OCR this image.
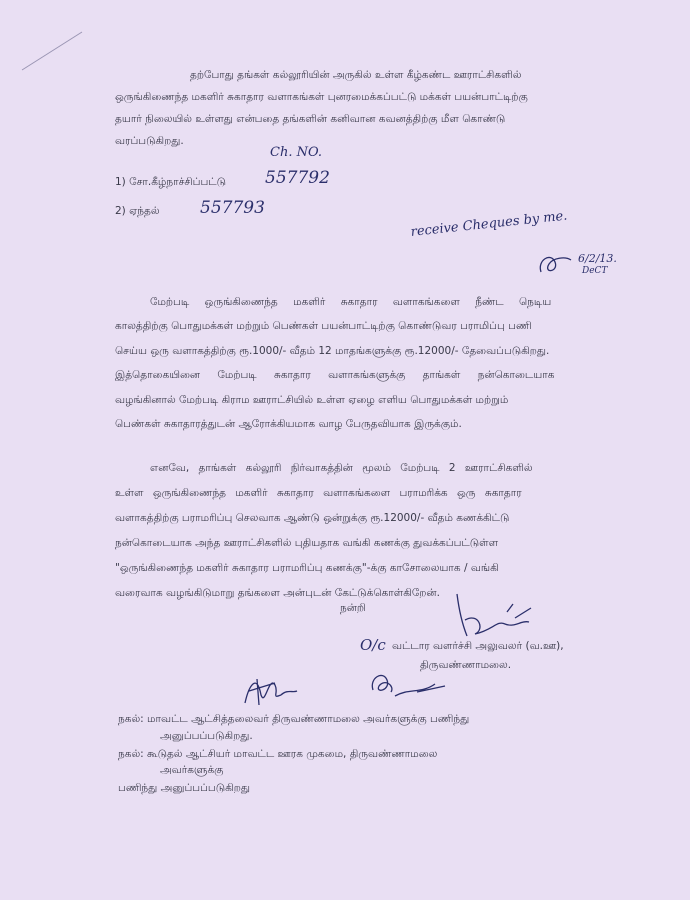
தற்போது தங்கள் கல்லூரியின் அருகில் உள்ள கீழ்கண்ட ஊராட்சிகளில்
ஒருங்கிணைந்த மகளிர் சுகாதார வளாகங்கள் புனரமைக்கப்பட்டு மக்கள் பயன்பாட்டிற்கு
தயார் நிலையில் உள்ளது என்பதை தங்களின் கனிவான கவனத்திற்கு மீள கொண்டு
வரப்படுகிறது.
Ch. NO.
1) சோ.கீழ்நாச்சிப்பட்டு 557792
2) ஏந்தல் 557793
receive Cheques by me.
6/2/13.
DeCT
மேற்படி ஒருங்கிணைந்த மகளிர் சுகாதார வளாகங்களை நீண்ட நெடிய
காலத்திற்கு பொதுமக்கள் மற்றும் பெண்கள் பயன்பாட்டிற்கு கொண்டுவர பராமிப்பு பணி
செய்ய ஒரு வளாகத்திற்கு ரூ.1000/- வீதம் 12 மாதங்களுக்கு ரூ.12000/- தேவைப்படுகிறது.
இத்தொகையினை மேற்படி சுகாதார வளாகங்களுக்கு தாங்கள் நன்கொடையாக
வழங்கினால் மேற்படி கிராம ஊராட்சியில் உள்ள ஏழை எளிய பொதுமக்கள் மற்றும்
பெண்கள் சுகாதாரத்துடன் ஆரோக்கியமாக வாழ பேருதவியாக இருக்கும்.
எனவே, தாங்கள் கல்லூரி நிர்வாகத்தின் மூலம் மேற்படி 2 ஊராட்சிகளில்
உள்ள ஒருங்கிணைந்த மகளிர் சுகாதார வளாகங்களை பராமரிக்க ஒரு சுகாதார
வளாகத்திற்கு பராமரிப்பு செலவாக ஆண்டு ஒன்றுக்கு ரூ.12000/- வீதம் கணக்கிட்டு
நன்கொடையாக அந்த ஊராட்சிகளில் புதியதாக வங்கி கணக்கு துவக்கப்பட்டுள்ள
"ஒருங்கிணைந்த மகளிர் சுகாதார பராமரிப்பு கணக்கு"-க்கு காசோலையாக / வங்கி
வரைவாக வழங்கிடுமாறு தங்களை அன்புடன் கேட்டுக்கொள்கிறேன்.
நன்றி
O/c வட்டார வளர்ச்சி அலுவலர் (வ.ஊ),
திருவண்ணாமலை.
நகல்: மாவட்ட ஆட்சித்தலைவர் திருவண்ணாமலை அவர்களுக்கு பணிந்து
அனுப்பப்படுகிறது.
நகல்: கூடுதல் ஆட்சியர் மாவட்ட ஊரக முகமை, திருவண்ணாமலை
அவர்களுக்கு
பணிந்து அனுப்பப்படுகிறது
